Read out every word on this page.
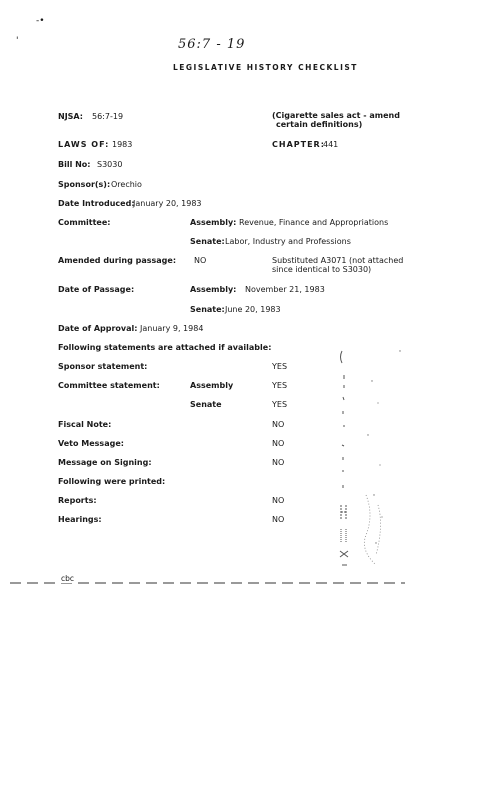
-•
'	56:7 - 19
LEGISLATIVE HISTORY CHECKLIST
NJSA: 56:7-19	(Cigarette sales act - amend
certain definitions)
LAWS OF: 1983	CHAPTER:
441
Bill No: S3030
Sponsor(s): Orechio
Date Introduced:
January 20, 1983
Committee:	Assembly: Revenue, Finance and Appropriations
Senate: Labor, Industry and Professions
Amended during passage: NO	Substituted A3071 (not attached
since identical to S3030)
Date of Passage:	Assembly: November 21, 1983
Senate: June 20, 1983
Date of Approval: January 9, 1984
Following statements are attached if available:
Sponsor statement:	YES
Committee statement:	Assembly	YES
Senate	YES
Fiscal Note:	NO
Veto Message:	NO
Message on Signing:	NO
Following were printed:
Reports:	NO
Hearings:	NO
cbc
